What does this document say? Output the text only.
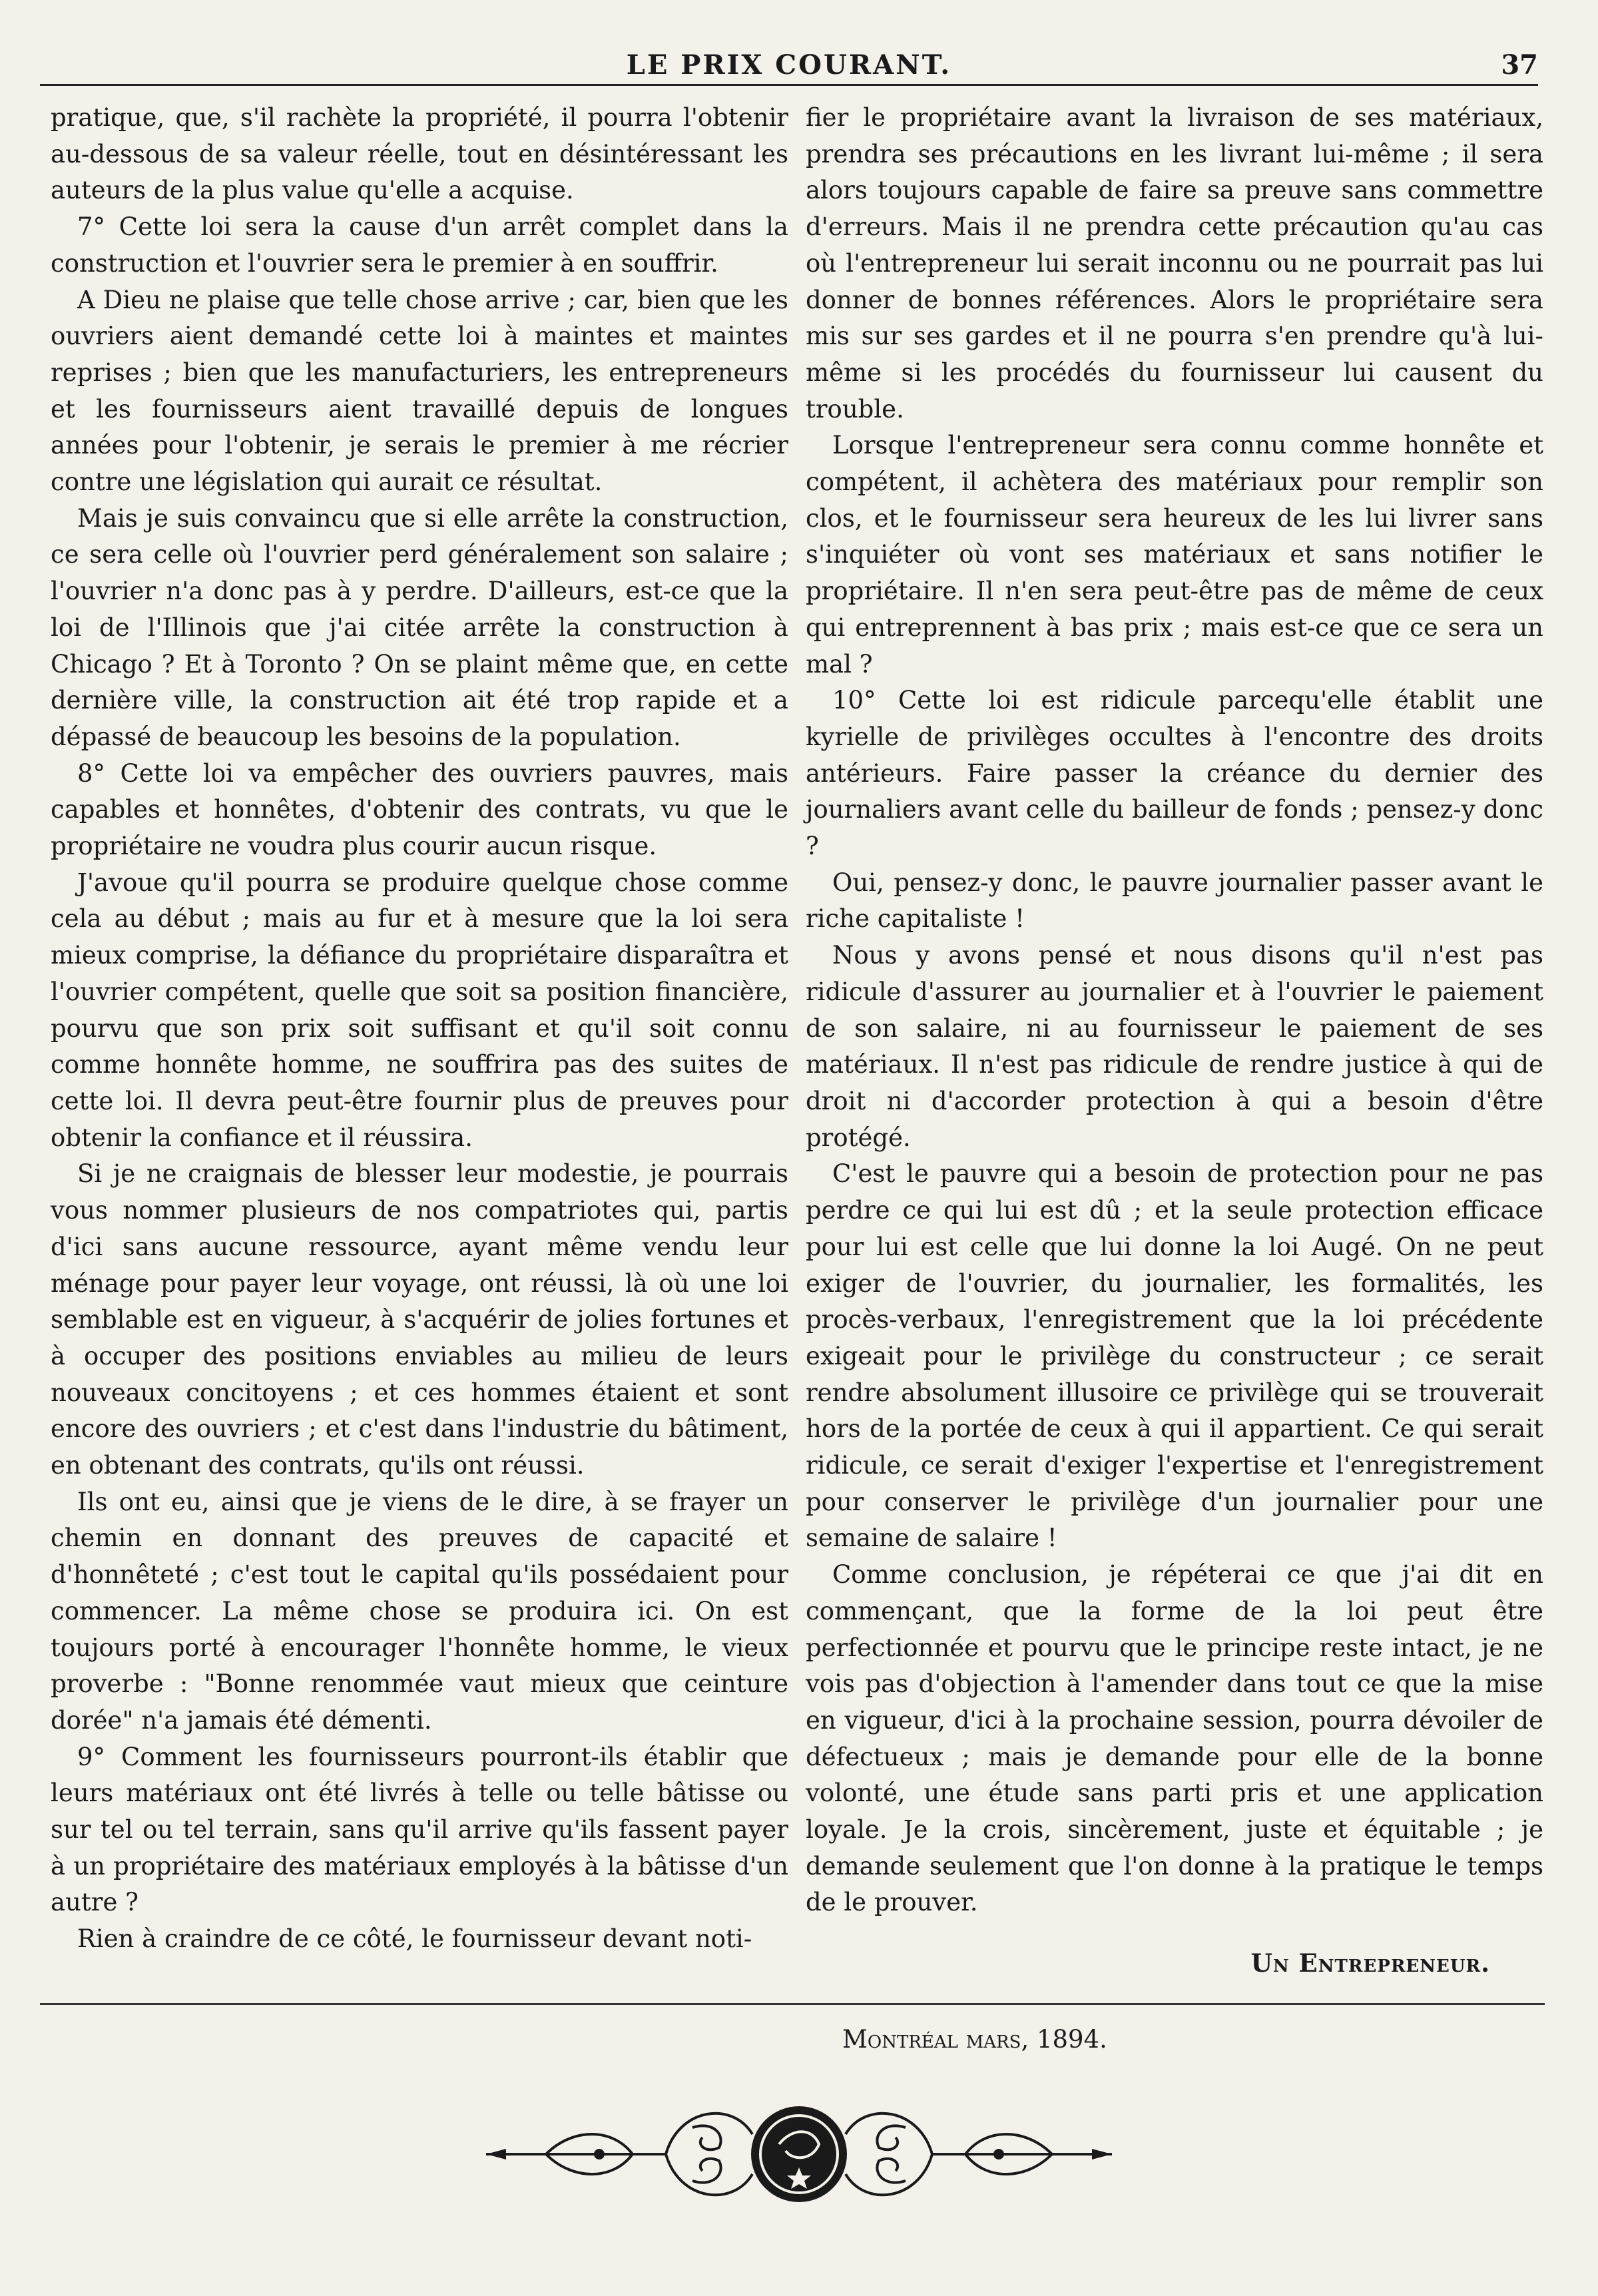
LE PRIX COURANT.	37

pratique, que, s'il rachète la propriété, il pourra l'obtenir au-dessous de sa valeur réelle, tout en désintéressant les auteurs de la plus value qu'elle a acquise.

7° Cette loi sera la cause d'un arrêt complet dans la construction et l'ouvrier sera le premier à en souffrir.

A Dieu ne plaise que telle chose arrive ; car, bien que les ouvriers aient demandé cette loi à maintes et maintes reprises ; bien que les manufacturiers, les entrepreneurs et les fournisseurs aient travaillé depuis de longues années pour l'obtenir, je serais le premier à me récrier contre une législation qui aurait ce résultat.

Mais je suis convaincu que si elle arrête la construction, ce sera celle où l'ouvrier perd généralement son salaire ; l'ouvrier n'a donc pas à y perdre. D'ailleurs, est-ce que la loi de l'Illinois que j'ai citée arrête la construction à Chicago ? Et à Toronto ? On se plaint même que, en cette dernière ville, la construction ait été trop rapide et a dépassé de beaucoup les besoins de la population.

8° Cette loi va empêcher des ouvriers pauvres, mais capables et honnêtes, d'obtenir des contrats, vu que le propriétaire ne voudra plus courir aucun risque.

J'avoue qu'il pourra se produire quelque chose comme cela au début ; mais au fur et à mesure que la loi sera mieux comprise, la défiance du propriétaire disparaîtra et l'ouvrier compétent, quelle que soit sa position financière, pourvu que son prix soit suffisant et qu'il soit connu comme honnête homme, ne souffrira pas des suites de cette loi. Il devra peut-être fournir plus de preuves pour obtenir la confiance et il réussira.

Si je ne craignais de blesser leur modestie, je pourrais vous nommer plusieurs de nos compatriotes qui, partis d'ici sans aucune ressource, ayant même vendu leur ménage pour payer leur voyage, ont réussi, là où une loi semblable est en vigueur, à s'acquérir de jolies fortunes et à occuper des positions enviables au milieu de leurs nouveaux concitoyens ; et ces hommes étaient et sont encore des ouvriers ; et c'est dans l'industrie du bâtiment, en obtenant des contrats, qu'ils ont réussi.

Ils ont eu, ainsi que je viens de le dire, à se frayer un chemin en donnant des preuves de capacité et d'honnêteté ; c'est tout le capital qu'ils possédaient pour commencer. La même chose se produira ici. On est toujours porté à encourager l'honnête homme, le vieux proverbe : "Bonne renommée vaut mieux que ceinture dorée" n'a jamais été démenti.

9° Comment les fournisseurs pourront-ils établir que leurs matériaux ont été livrés à telle ou telle bâtisse ou sur tel ou tel terrain, sans qu'il arrive qu'ils fassent payer à un propriétaire des matériaux employés à la bâtisse d'un autre ?

Rien à craindre de ce côté, le fournisseur devant noti-

fier le propriétaire avant la livraison de ses matériaux, prendra ses précautions en les livrant lui-même ; il sera alors toujours capable de faire sa preuve sans commettre d'erreurs. Mais il ne prendra cette précaution qu'au cas où l'entrepreneur lui serait inconnu ou ne pourrait pas lui donner de bonnes références. Alors le propriétaire sera mis sur ses gardes et il ne pourra s'en prendre qu'à lui-même si les procédés du fournisseur lui causent du trouble.

Lorsque l'entrepreneur sera connu comme honnête et compétent, il achètera des matériaux pour remplir son clos, et le fournisseur sera heureux de les lui livrer sans s'inquiéter où vont ses matériaux et sans notifier le propriétaire. Il n'en sera peut-être pas de même de ceux qui entreprennent à bas prix ; mais est-ce que ce sera un mal ?

10° Cette loi est ridicule parcequ'elle établit une kyrielle de privilèges occultes à l'encontre des droits antérieurs. Faire passer la créance du dernier des journaliers avant celle du bailleur de fonds ; pensez-y donc ?

Oui, pensez-y donc, le pauvre journalier passer avant le riche capitaliste !

Nous y avons pensé et nous disons qu'il n'est pas ridicule d'assurer au journalier et à l'ouvrier le paiement de son salaire, ni au fournisseur le paiement de ses matériaux. Il n'est pas ridicule de rendre justice à qui de droit ni d'accorder protection à qui a besoin d'être protégé.

C'est le pauvre qui a besoin de protection pour ne pas perdre ce qui lui est dû ; et la seule protection efficace pour lui est celle que lui donne la loi Augé. On ne peut exiger de l'ouvrier, du journalier, les formalités, les procès-verbaux, l'enregistrement que la loi précédente exigeait pour le privilège du constructeur ; ce serait rendre absolument illusoire ce privilège qui se trouverait hors de la portée de ceux à qui il appartient. Ce qui serait ridicule, ce serait d'exiger l'expertise et l'enregistrement pour conserver le privilège d'un journalier pour une semaine de salaire !

Comme conclusion, je répéterai ce que j'ai dit en commençant, que la forme de la loi peut être perfectionnée et pourvu que le principe reste intact, je ne vois pas d'objection à l'amender dans tout ce que la mise en vigueur, d'ici à la prochaine session, pourra dévoiler de défectueux ; mais je demande pour elle de la bonne volonté, une étude sans parti pris et une application loyale. Je la crois, sincèrement, juste et équitable ; je demande seulement que l'on donne à la pratique le temps de le prouver.

Un Entrepreneur.
Montréal mars, 1894.
